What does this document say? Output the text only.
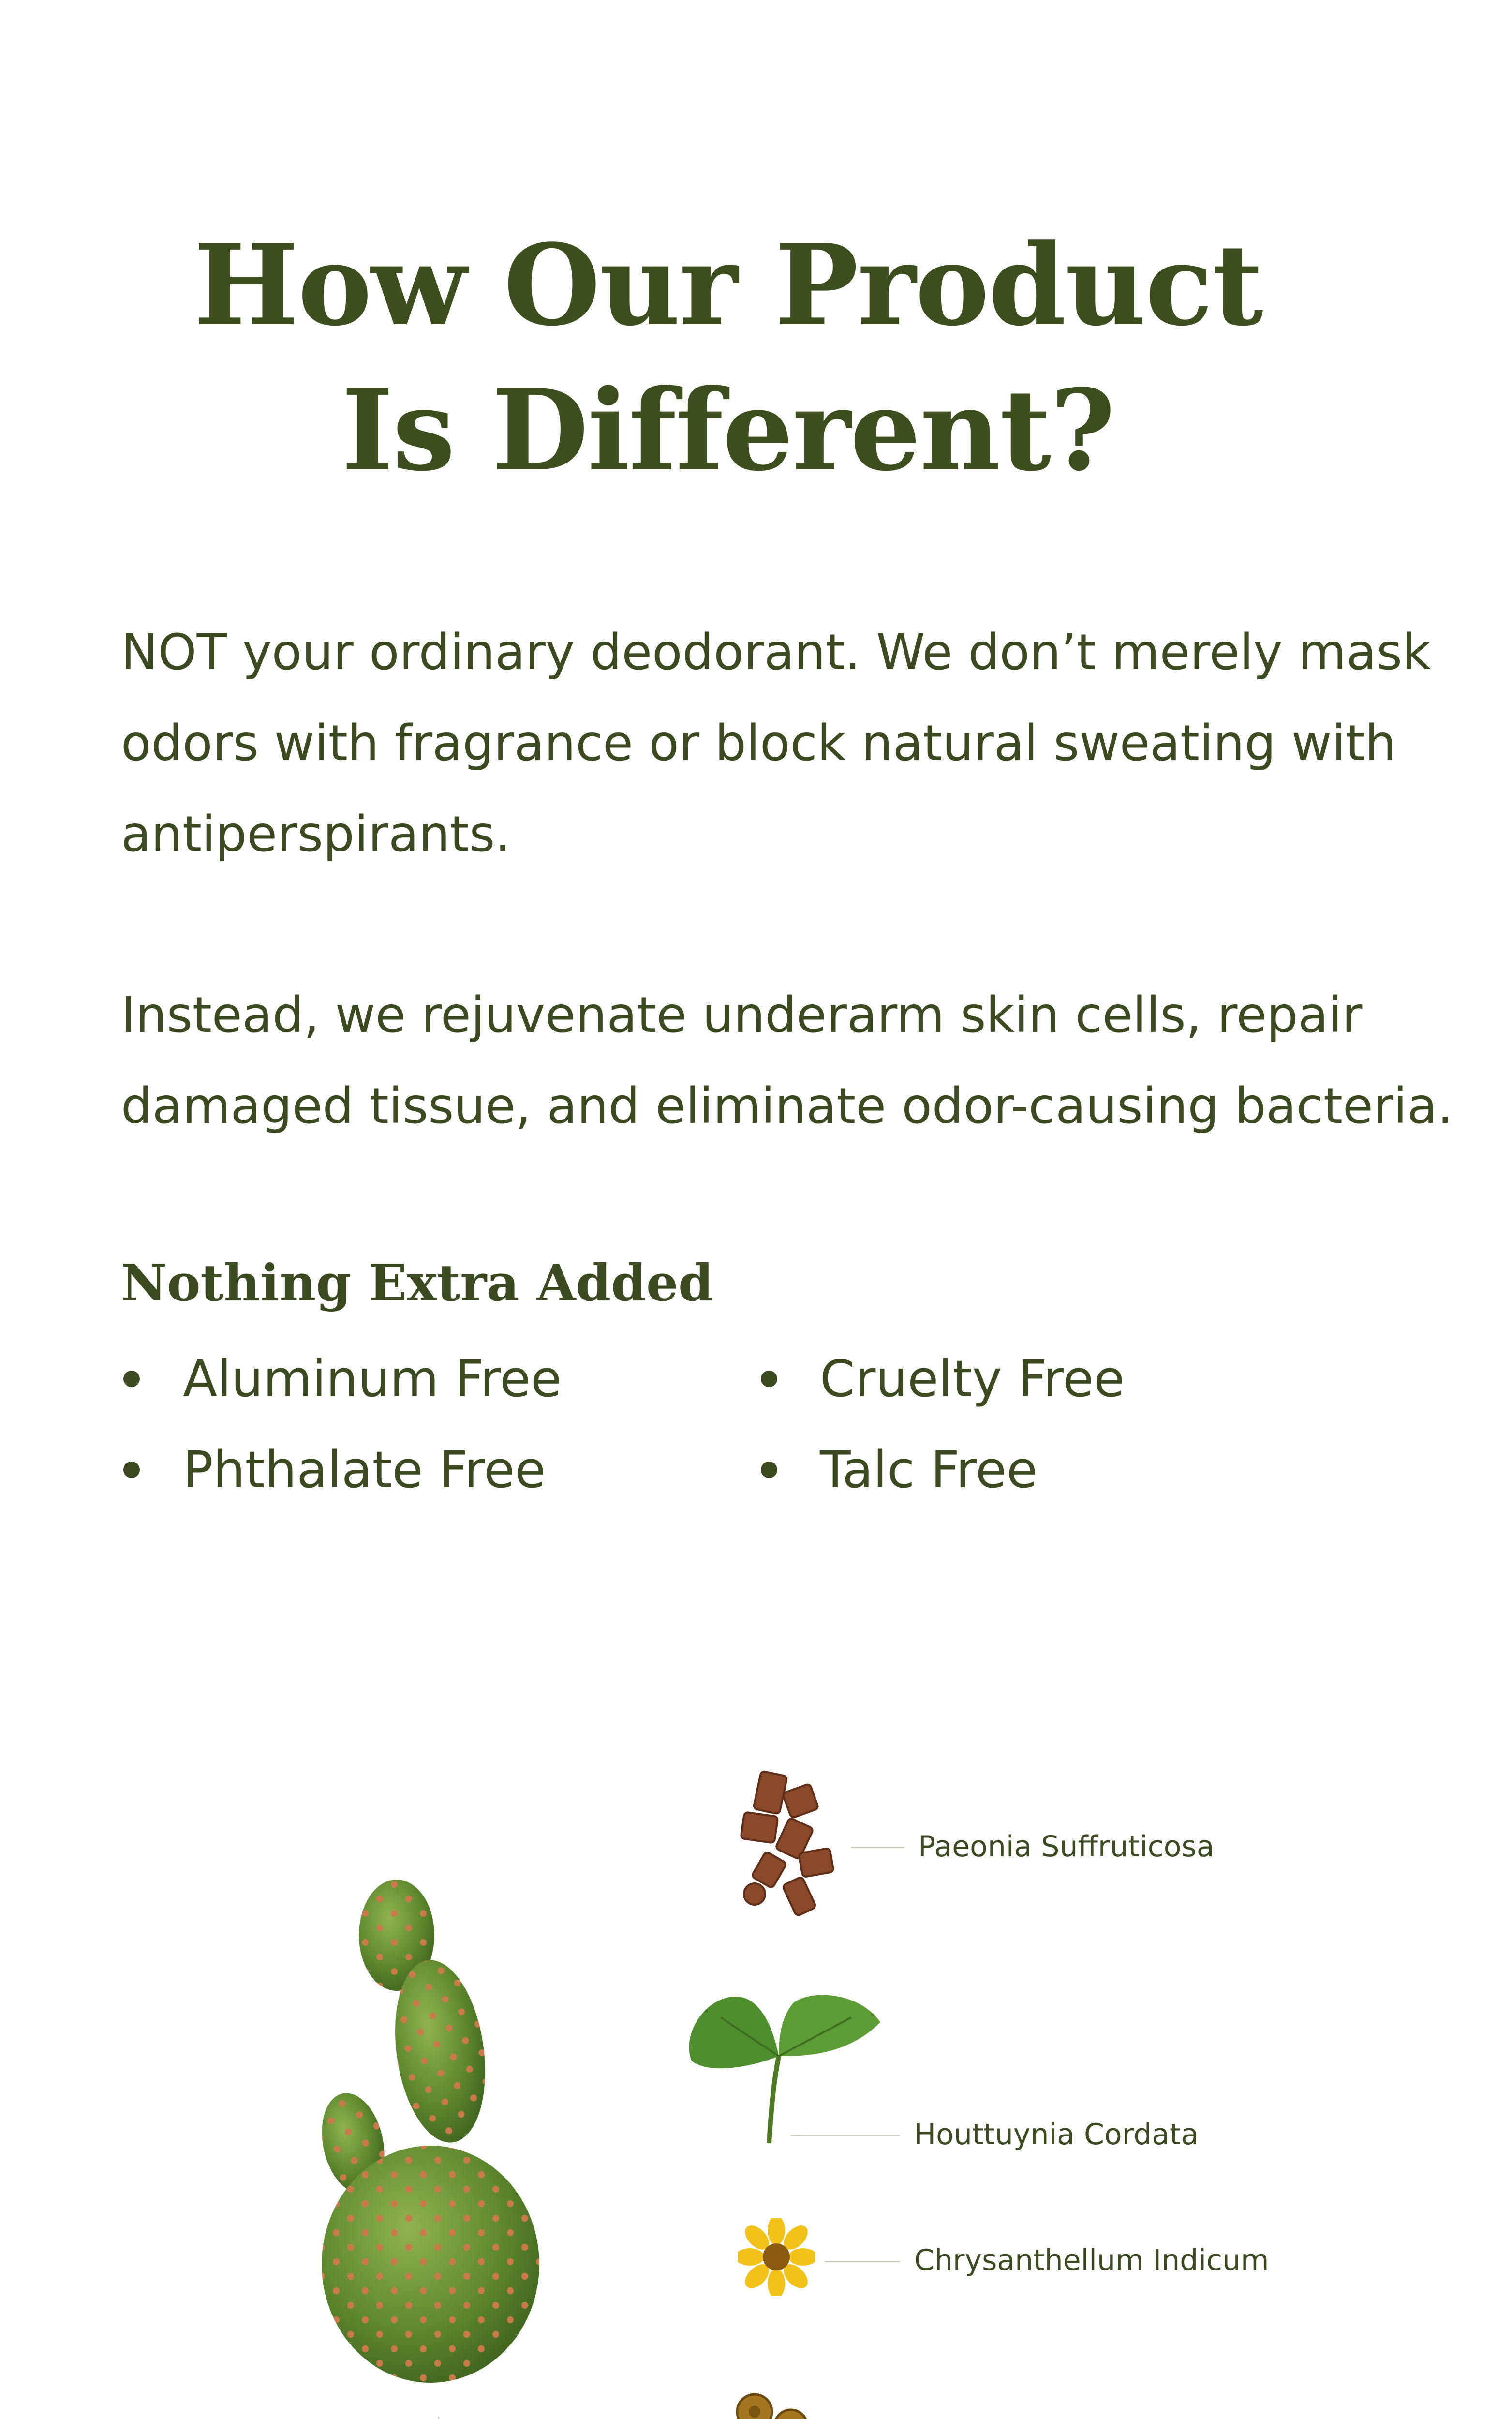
How Our Product
Is Different?

NOT your ordinary deodorant. We don’t merely mask odors with fragrance or block natural sweating with antiperspirants.

Instead, we rejuvenate underarm skin cells, repair damaged tissue, and eliminate odor-causing bacteria.

Nothing Extra Added
Aluminum Free	Cruelty Free
Phthalate Free	Talc Free
Paeonia Suffruticosa
Houttuynia Cordata
Chrysanthellum Indicum
